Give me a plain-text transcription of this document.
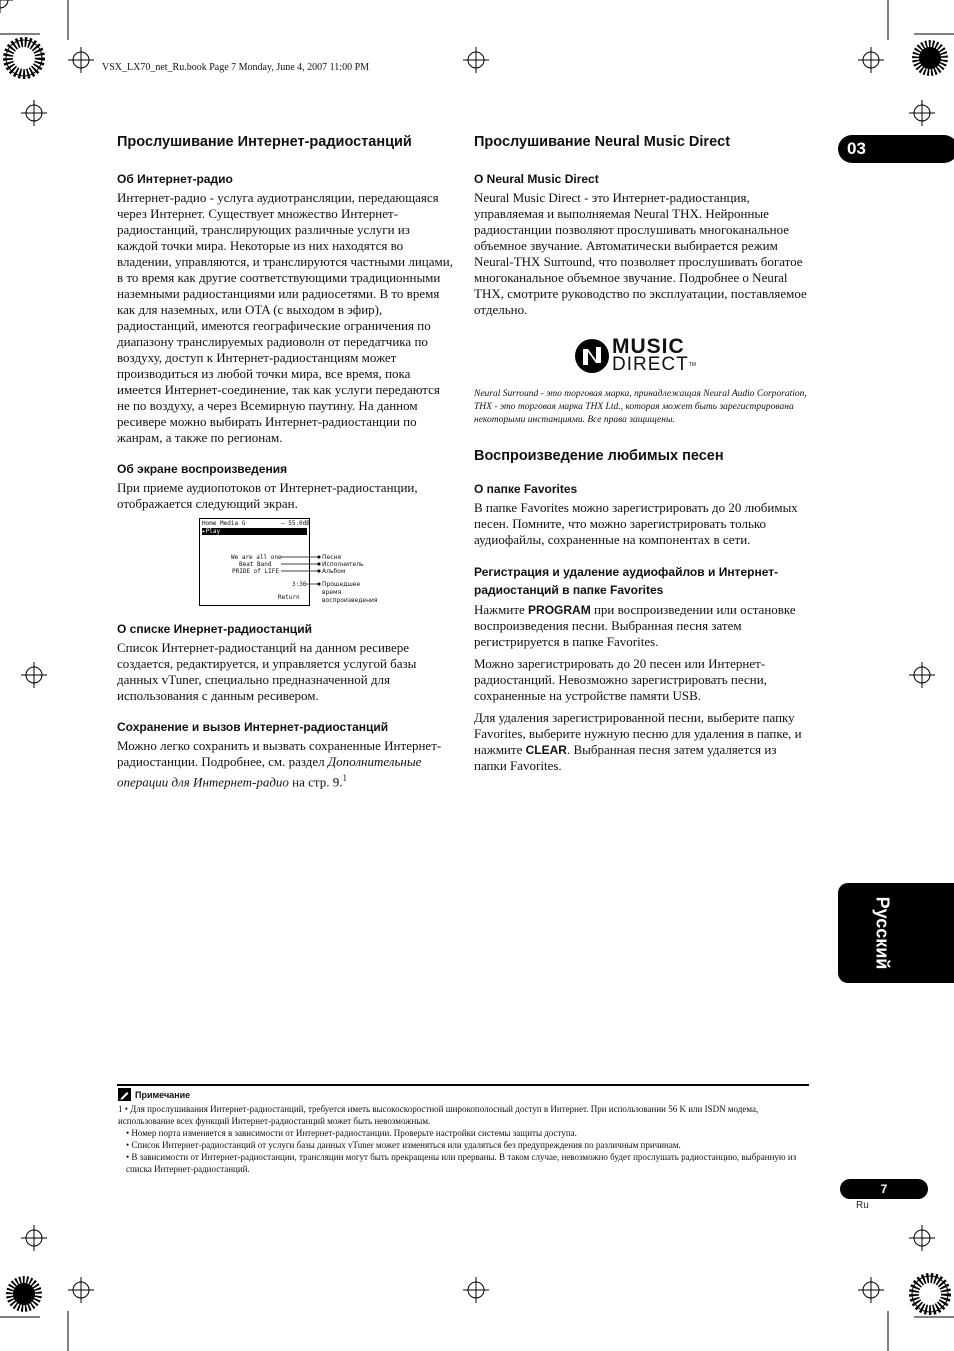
VSX_LX70_net_Ru.book Page 7 Monday, June 4, 2007 11:00 PM
03
Русский
Прослушивание Интернет-радиостанций
Об Интернет-радио

Интернет-радио - услуга аудиотрансляции, передающаяся через Интернет. Существует множество Интернет-радиостанций, транслирующих различные услуги из каждой точки мира. Некоторые из них находятся во владении, управляются, и транслируются частными лицами, в то время как другие соответствующими традиционными наземными радиостанциями или радиосетями. В то время как для наземных, или OTA (с выходом в эфир), радиостанций, имеются географические ограничения по диапазону транслируемых радиоволн от передатчика по воздуху, доступ к Интернет-радиостанциям может производиться из любой точки мира, все время, пока имеется Интернет-соединение, так как услуги передаются не по воздуху, а через Всемирную паутину. На данном ресивере можно выбирать Интернет-радиостанции по жанрам, а также по регионам.

Об экране воспроизведения

При приеме аудиопотоков от Интернет-радиостанции, отображается следующий экран.

Home Media G	– 55.0dB
▸Play
We are all one
Beat Band
PRIDE of LIFE
3:36
Return
Песня
Исполнитель
Альбом
Прошедшее
время
воспроизведения
О списке Инернет-радиостанций

Список Интернет-радиостанций на данном ресивере создается, редактируется, и управляется услугой базы данных vTuner, специально предназначенной для использования с данным ресивером.

Сохранение и вызов Интернет-радиостанций

Можно легко сохранить и вызвать сохраненные Интернет-радиостанции. Подробнее, см. раздел Дополнительные операции для Интернет-радио на стр. 9.$^1$

Прослушивание Neural Music Direct
О Neural Music Direct

Neural Music Direct - это Интернет-радиостанция, управляемая и выполняемая Neural THX. Нейронные радиостанции позволяют прослушивать многоканальное объемное звучание. Автоматически выбирается режим Neural-THX Surround, что позволяет прослушивать богатое многоканальное объемное звучание. Подробнее о Neural THX, смотрите руководство по эксплуатации, поставляемое отдельно.

MUSIC
DIRECT TM

Neural Surround - это торговая марка, принадлежащая Neural Audio Corporation, THX - это торговая марка THX Ltd., которая может быть зарегистрирована некоторыми инстанциями. Все права защищены.

Воспроизведение любимых песен
О папке Favorites

В папке Favorites можно зарегистрировать до 20 любимых песен. Помните, что можно зарегистрировать только аудиофайлы, сохраненные на компонентах в сети.

Регистрация и удаление аудиофайлов и Интернет-радиостанций в папке Favorites

Нажмите PROGRAM при воспроизведении или остановке воспроизведения песни. Выбранная песня затем регистрируется в папке Favorites.

Можно зарегистрировать до 20 песен или Интернет-радиостанций. Невозможно зарегистрировать песни, сохраненные на устройстве памяти USB.

Для удаления зарегистрированной песни, выберите папку Favorites, выберите нужную песню для удаления в папке, и нажмите CLEAR. Выбранная песня затем удаляется из папки Favorites.

Примечание
1 • Для прослушивания Интернет-радиостанций, требуется иметь высокоскоростной широкополосный доступ в Интернет. При использовании 56 K или ISDN модема, использование всех функций Интернет-радиостанций может быть невозможным.
• Номер порта изменяется в зависимости от Интернет-радиостанции. Проверьте настройки системы защиты доступа.
• Список Интернет-радиостанций от услуги базы данных vTuner может изменяться или удаляться без предупреждения по различным причинам.
• В зависимости от Интернет-радиостанции, трансляции могут быть прекращены или прерваны. В таком случае, невозможно будет прослушать радиостанцию, выбранную из списка Интернет-радиостанций.
7
Ru
